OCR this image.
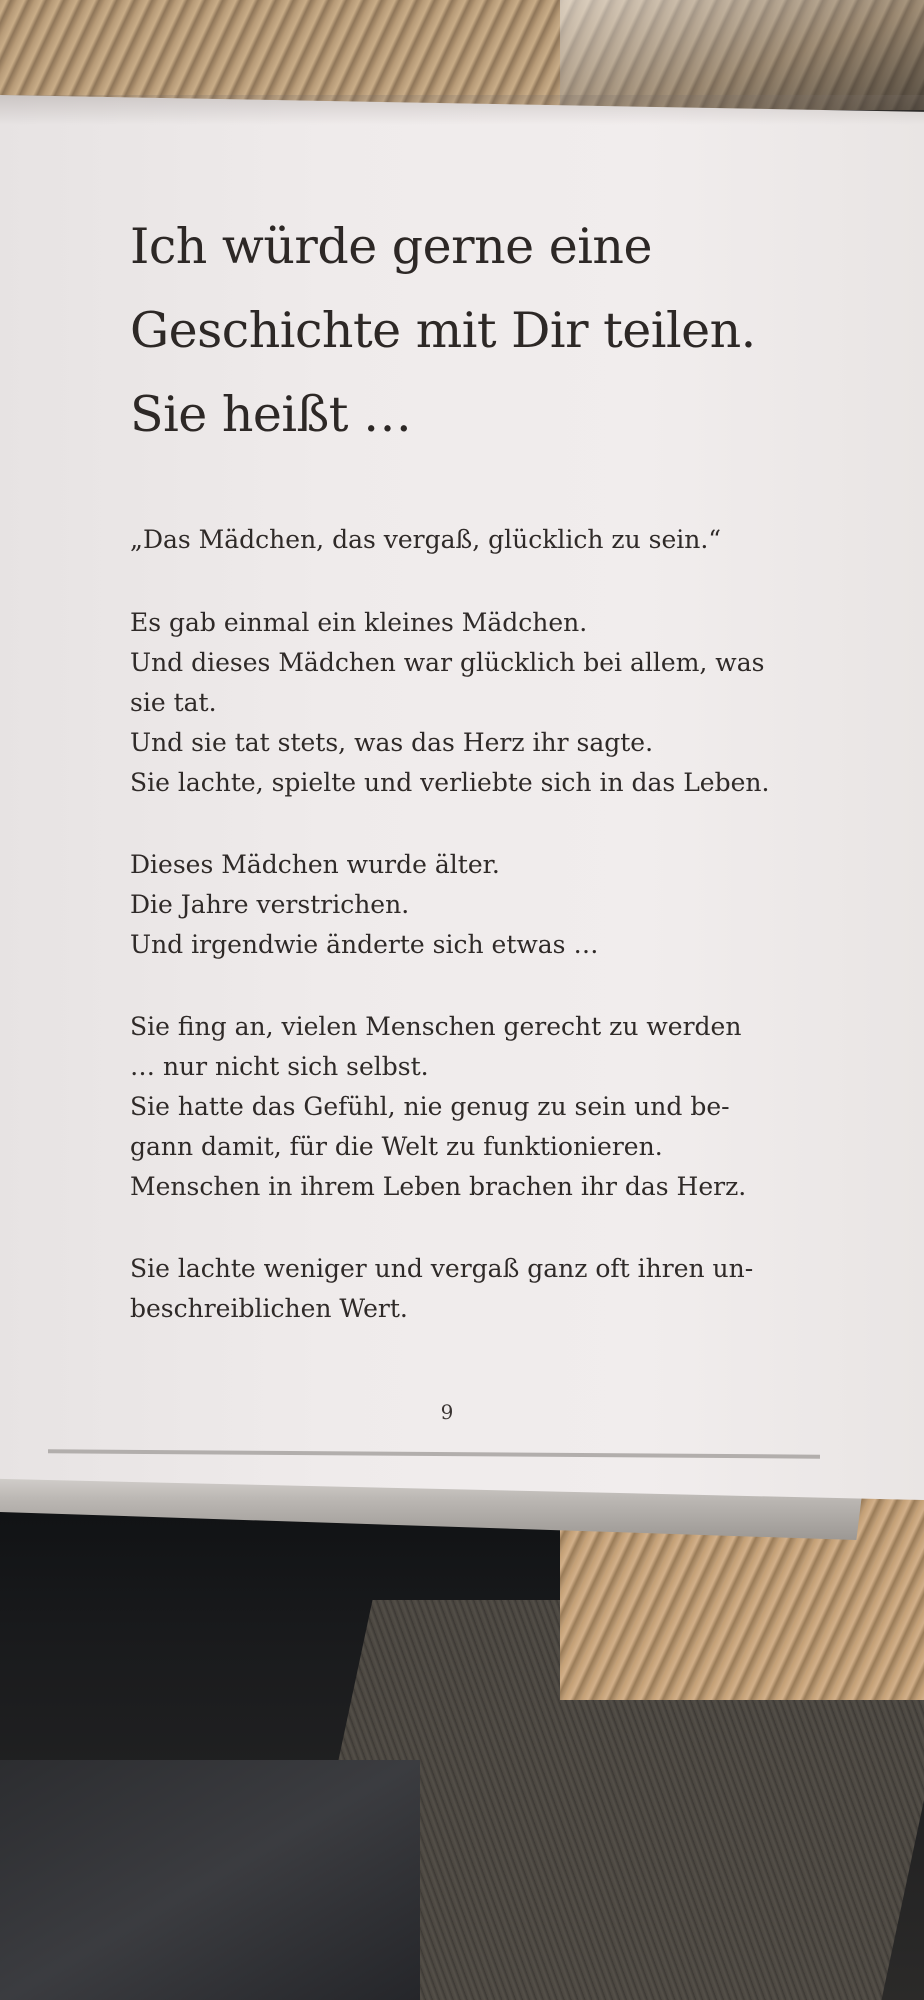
Ich würde gerne eine
Geschichte mit Dir teilen.
Sie heißt …
„Das Mädchen, das vergaß, glücklich zu sein.“
Es gab einmal ein kleines Mädchen.
Und dieses Mädchen war glücklich bei allem, was
sie tat.
Und sie tat stets, was das Herz ihr sagte.
Sie lachte, spielte und verliebte sich in das Leben.
Dieses Mädchen wurde älter.
Die Jahre verstrichen.
Und irgendwie änderte sich etwas …
Sie fing an, vielen Menschen gerecht zu werden
… nur nicht sich selbst.
Sie hatte das Gefühl, nie genug zu sein und be-
gann damit, für die Welt zu funktionieren.
Menschen in ihrem Leben brachen ihr das Herz.
Sie lachte weniger und vergaß ganz oft ihren un-
beschreiblichen Wert.
9
